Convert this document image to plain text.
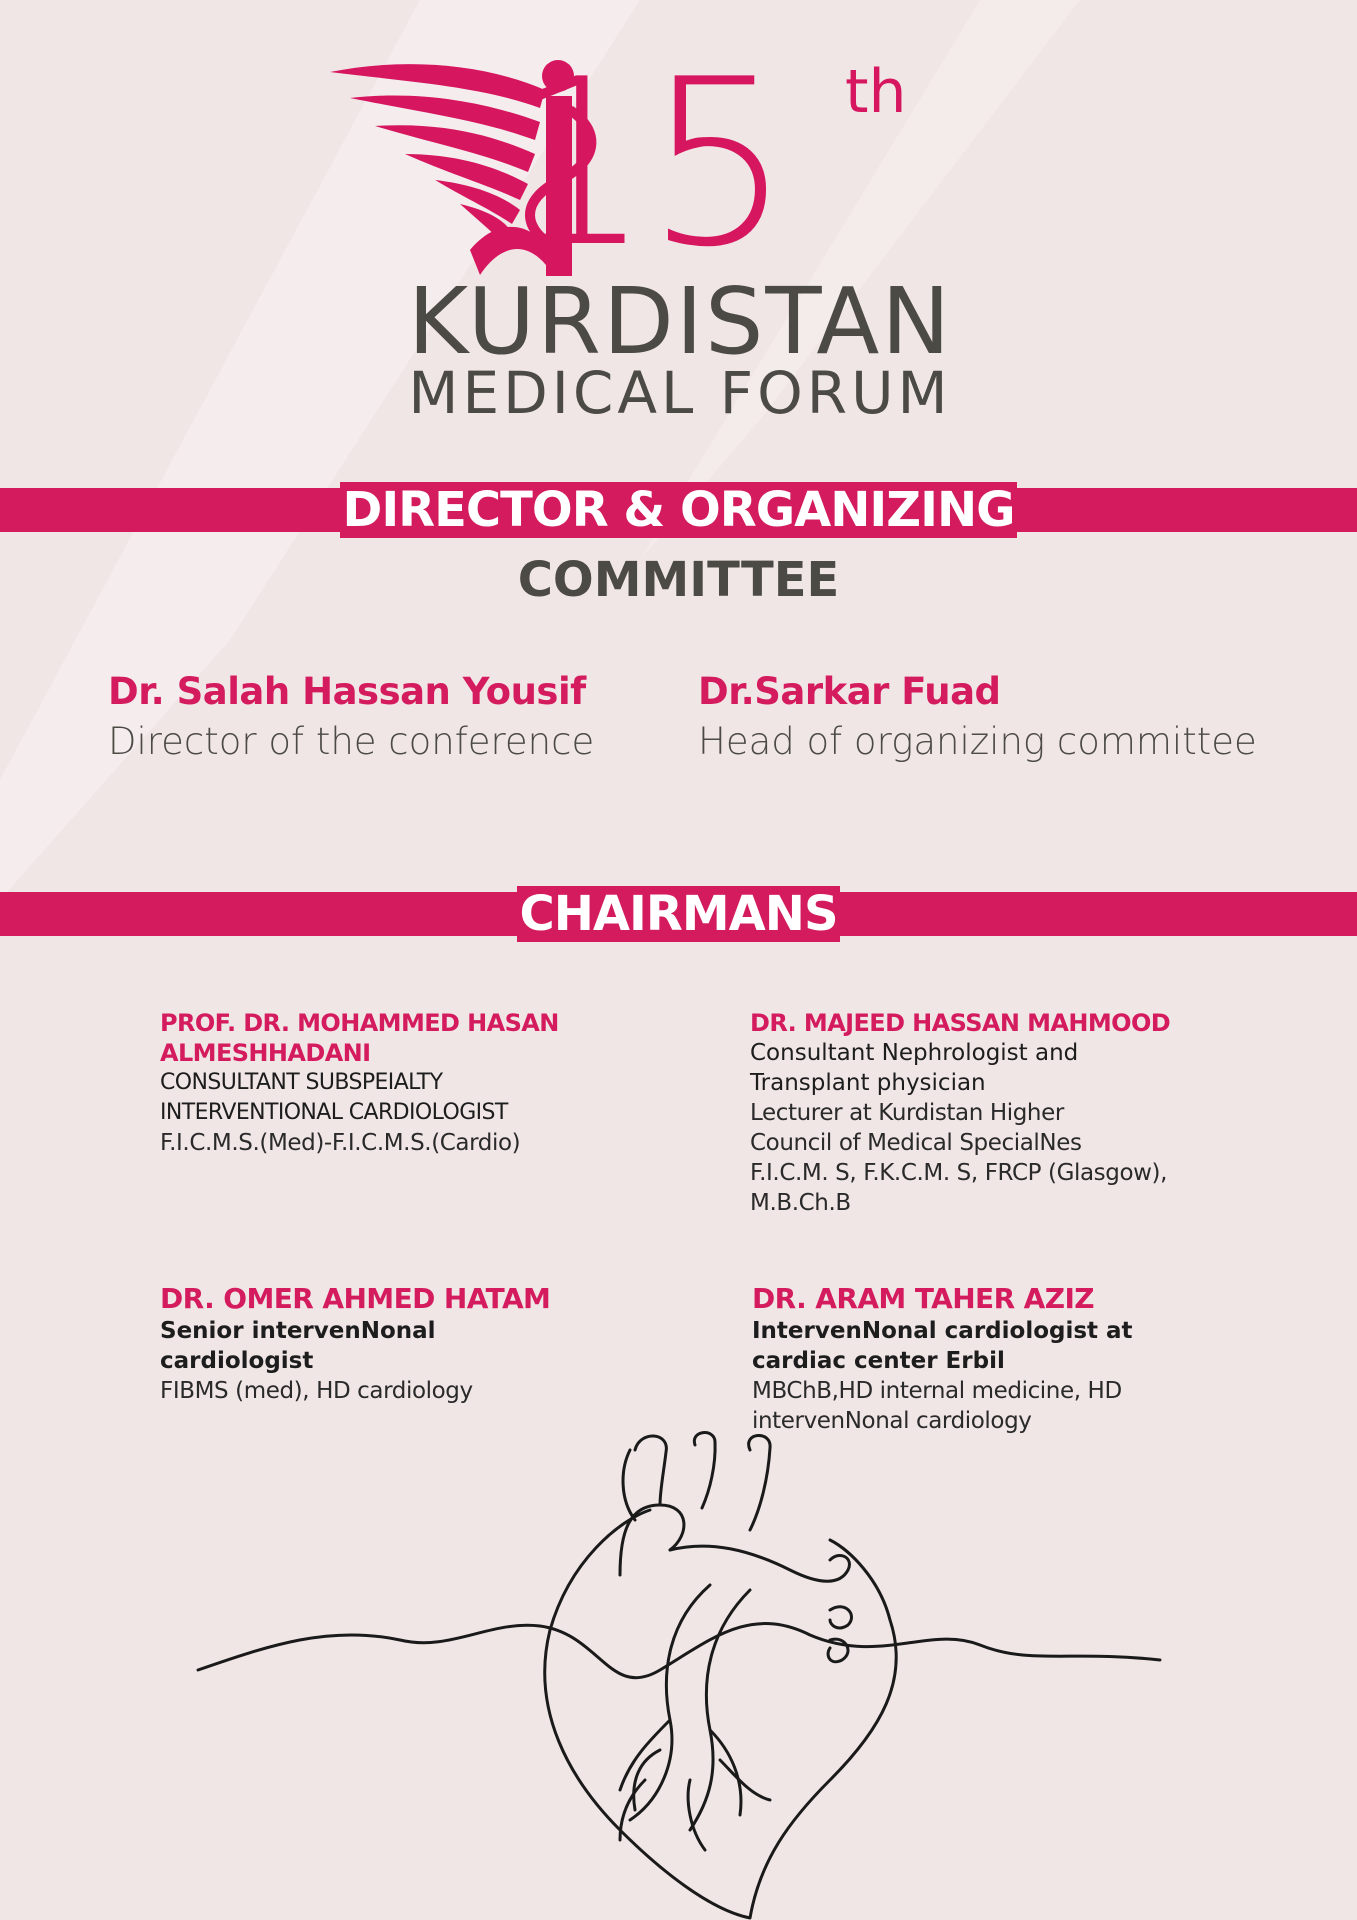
15 th
KURDISTAN
MEDICAL FORUM
DIRECTOR & ORGANIZING
COMMITTEE
Dr. Salah Hassan Yousif
Director of the conference
Dr.Sarkar Fuad
Head of organizing committee
CHAIRMANS
PROF. DR. MOHAMMED HASAN
ALMESHHADANI
CONSULTANT SUBSPEIALTY
INTERVENTIONAL CARDIOLOGIST
F.I.C.M.S.(Med)-F.I.C.M.S.(Cardio)
DR. MAJEED HASSAN MAHMOOD
Consultant Nephrologist and
Transplant physician
Lecturer at Kurdistan Higher
Council of Medical SpecialNes
F.I.C.M. S, F.K.C.M. S, FRCP (Glasgow),
M.B.Ch.B
DR. OMER AHMED HATAM
Senior intervenNonal
cardiologist
FIBMS (med), HD cardiology
DR. ARAM TAHER AZIZ
IntervenNonal cardiologist at
cardiac center Erbil
MBChB,HD internal medicine, HD
intervenNonal cardiology
